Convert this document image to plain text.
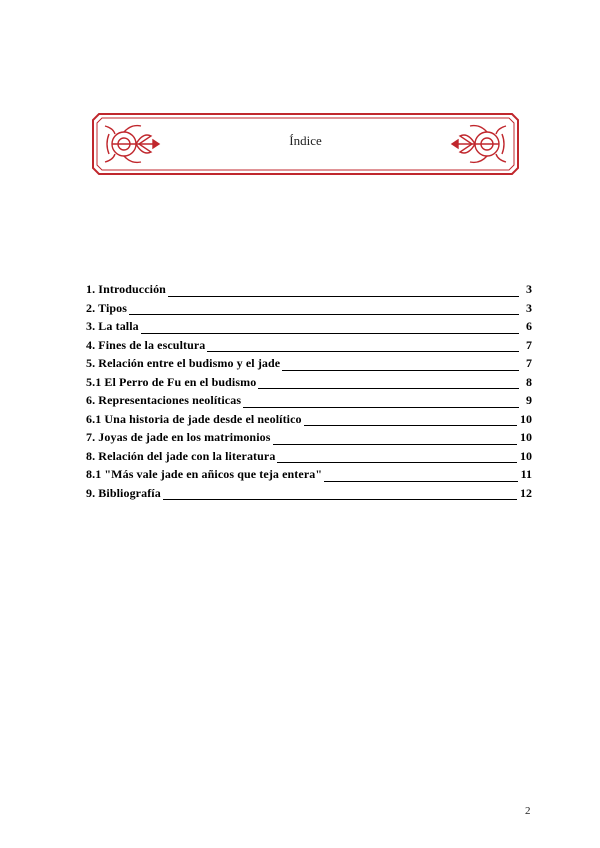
Índice
1. Introducción	3
2. Tipos	3
3. La talla	6
4. Fines de la escultura	7
5. Relación entre el budismo y el jade	7
5.1 El Perro de Fu en el budismo	8
6. Representaciones neolíticas	9
6.1 Una historia de jade desde el neolítico	10
7. Joyas de jade en los matrimonios	10
8. Relación del jade con la literatura	10
8.1 "Más vale jade en añicos que teja entera"	11
9. Bibliografía	12
2
